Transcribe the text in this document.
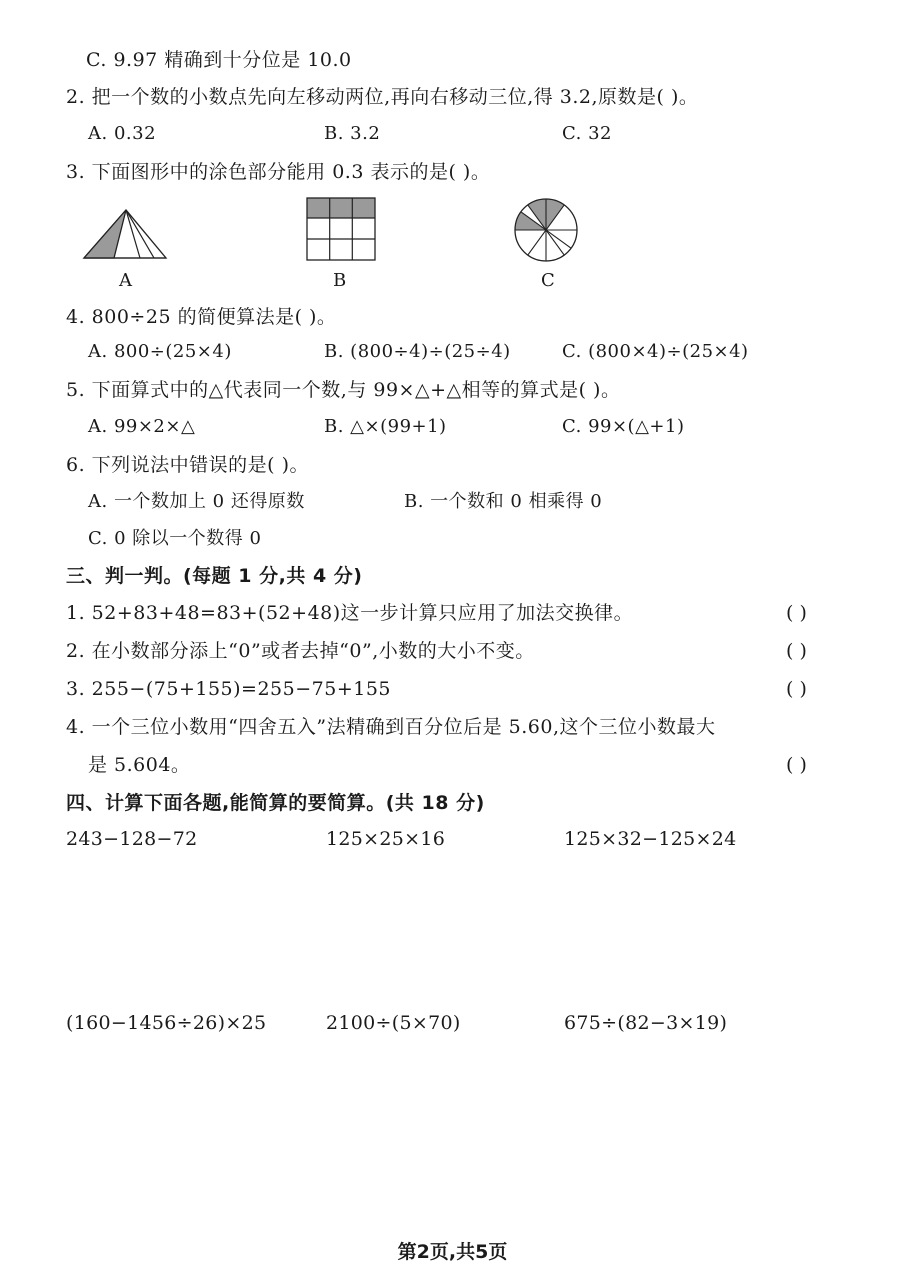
C. 9.97 精确到十分位是 10.0
2. 把一个数的小数点先向左移动两位,再向右移动三位,得 3.2,原数是( )。
A. 0.32	B. 3.2	C. 32
3. 下面图形中的涂色部分能用 0.3 表示的是( )。
A	B	C
4. 800÷25 的简便算法是( )。
A. 800÷(25×4)	B. (800÷4)÷(25÷4)	C. (800×4)÷(25×4)
5. 下面算式中的△代表同一个数,与 99×△+△相等的算式是( )。
A. 99×2×△	B. △×(99+1)	C. 99×(△+1)
6. 下列说法中错误的是( )。
A. 一个数加上 0 还得原数	B. 一个数和 0 相乘得 0
C. 0 除以一个数得 0
三、判一判。(每题 1 分,共 4 分)
1. 52+83+48=83+(52+48)这一步计算只应用了加法交换律。	( )
2. 在小数部分添上“0”或者去掉“0”,小数的大小不变。	( )
3. 255−(75+155)=255−75+155	( )
4. 一个三位小数用“四舍五入”法精确到百分位后是 5.60,这个三位小数最大
是 5.604。	( )
四、计算下面各题,能简算的要简算。(共 18 分)
243−128−72	125×25×16	125×32−125×24
(160−1456÷26)×25	2100÷(5×70)	675÷(82−3×19)
第2页,共5页
